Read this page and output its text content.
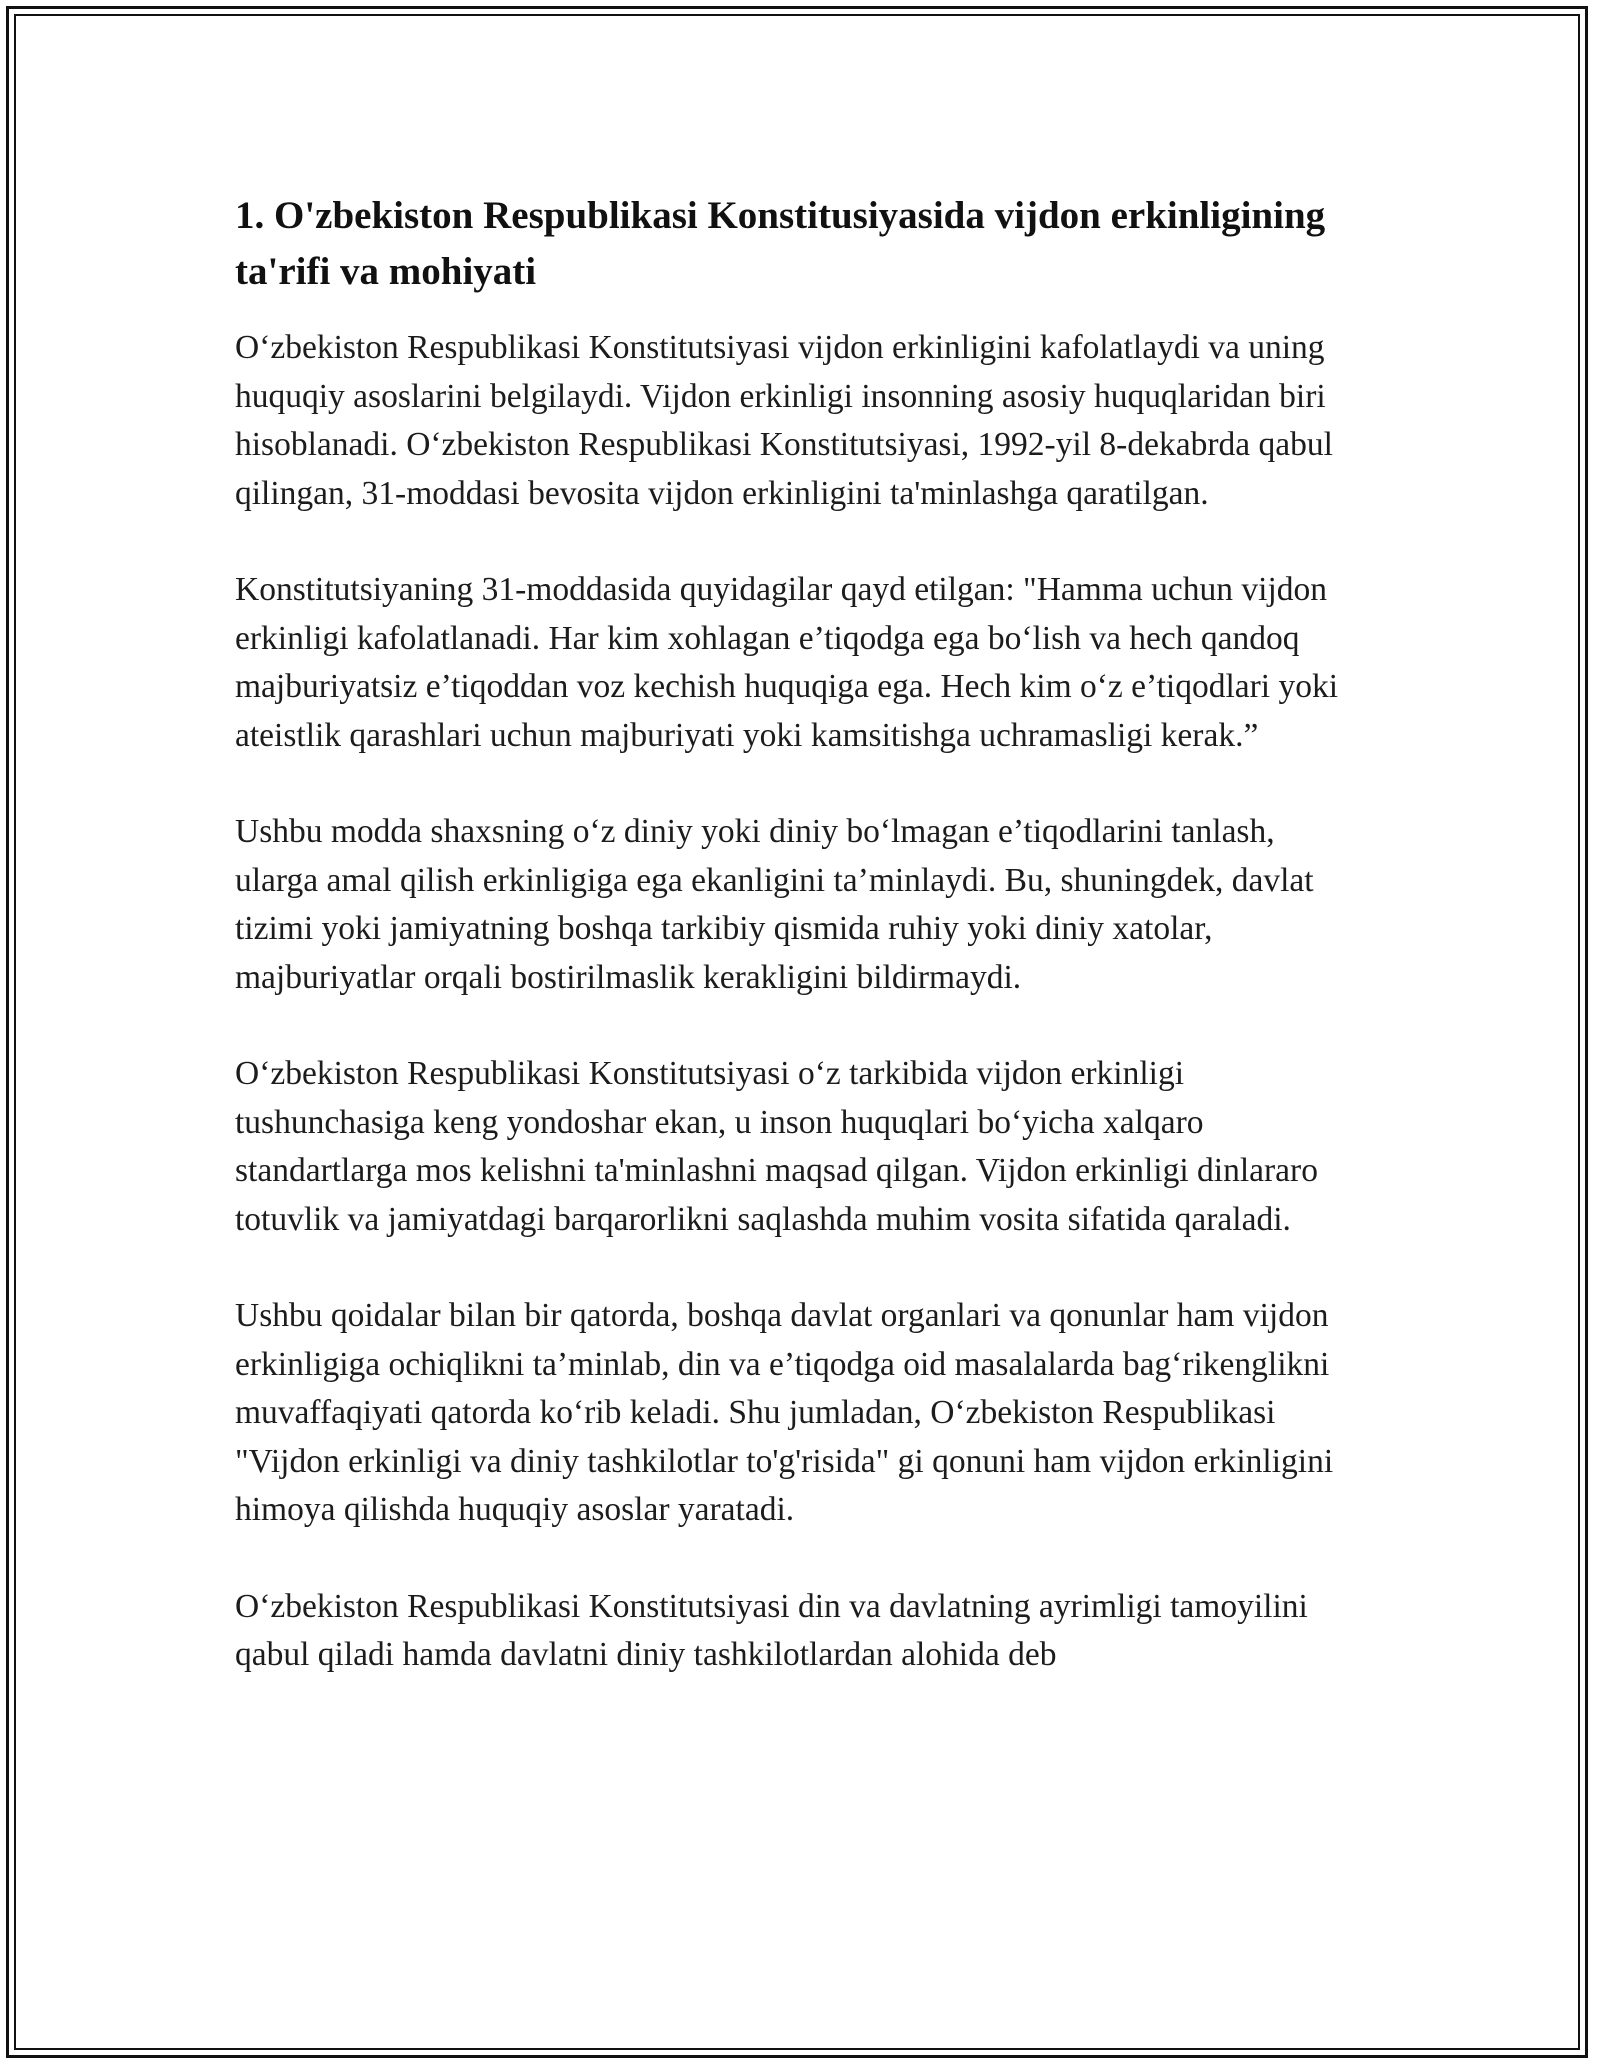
1. O'zbekiston Respublikasi Konstitusiyasida vijdon erkinligining ta'rifi va mohiyati

O‘zbekiston Respublikasi Konstitutsiyasi vijdon erkinligini kafolatlaydi va uning huquqiy asoslarini belgilaydi. Vijdon erkinligi insonning asosiy huquqlaridan biri hisoblanadi. O‘zbekiston Respublikasi Konstitutsiyasi, 1992-yil 8-dekabrda qabul qilingan, 31-moddasi bevosita vijdon erkinligini ta'minlashga qaratilgan.

Konstitutsiyaning 31-moddasida quyidagilar qayd etilgan: "Hamma uchun vijdon erkinligi kafolatlanadi. Har kim xohlagan e’tiqodga ega bo‘lish va hech qandoq majburiyatsiz e’tiqoddan voz kechish huquqiga ega. Hech kim o‘z e’tiqodlari yoki ateistlik qarashlari uchun majburiyati yoki kamsitishga uchramasligi kerak.”

Ushbu modda shaxsning o‘z diniy yoki diniy bo‘lmagan e’tiqodlarini tanlash, ularga amal qilish erkinligiga ega ekanligini ta’minlaydi. Bu, shuningdek, davlat tizimi yoki jamiyatning boshqa tarkibiy qismida ruhiy yoki diniy xatolar, majburiyatlar orqali bostirilmaslik kerakligini bildirmaydi.

O‘zbekiston Respublikasi Konstitutsiyasi o‘z tarkibida vijdon erkinligi tushunchasiga keng yondoshar ekan, u inson huquqlari bo‘yicha xalqaro standartlarga mos kelishni ta'minlashni maqsad qilgan. Vijdon erkinligi dinlararo totuvlik va jamiyatdagi barqarorlikni saqlashda muhim vosita sifatida qaraladi.

Ushbu qoidalar bilan bir qatorda, boshqa davlat organlari va qonunlar ham vijdon erkinligiga ochiqlikni ta’minlab, din va e’tiqodga oid masalalarda bag‘rikenglikni muvaffaqiyati qatorda ko‘rib keladi. Shu jumladan, O‘zbekiston Respublikasi "Vijdon erkinligi va diniy tashkilotlar to'g'risida" gi qonuni ham vijdon erkinligini himoya qilishda huquqiy asoslar yaratadi.

O‘zbekiston Respublikasi Konstitutsiyasi din va davlatning ayrimligi tamoyilini qabul qiladi hamda davlatni diniy tashkilotlardan alohida deb
